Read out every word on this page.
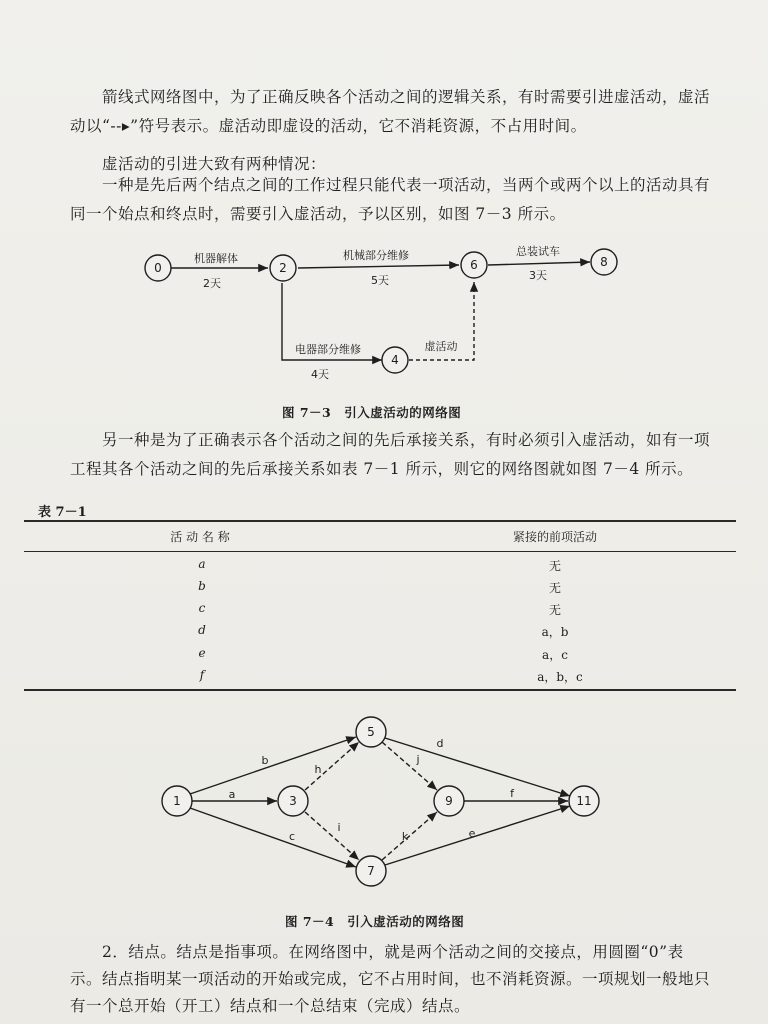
箭线式网络图中，为了正确反映各个活动之间的逻辑关系，有时需要引进虚活动，虚活

动以“--▸”符号表示。虚活动即虚设的活动，它不消耗资源，不占用时间。

虚活动的引进大致有两种情况：

一种是先后两个结点之间的工作过程只能代表一项活动，当两个或两个以上的活动具有

同一个始点和终点时，需要引入虚活动，予以区别，如图 7－3 所示。

0	2	6	8
4
机器解体
2天
机械部分维修
5天
总装试车
3天
电器部分维修
4天
虚活动
图 7－3　引入虚活动的网络图

另一种是为了正确表示各个活动之间的先后承接关系，有时必须引入虚活动，如有一项

工程其各个活动之间的先后承接关系如表 7－1 所示，则它的网络图就如图 7－4 所示。

表 7－1
活 动 名 称	紧接的前项活动
a	无
b	无
c	无
d	a，b
e	a，c
f	a，b，c
1	3
5
7
9	11
a
b
c
h
i
j
k
d
e
f
图 7－4　引入虚活动的网络图

2．结点。结点是指事项。在网络图中，就是两个活动之间的交接点，用圆圈“0”表

示。结点指明某一项活动的开始或完成，它不占用时间，也不消耗资源。一项规划一般地只

有一个总开始（开工）结点和一个总结束（完成）结点。
